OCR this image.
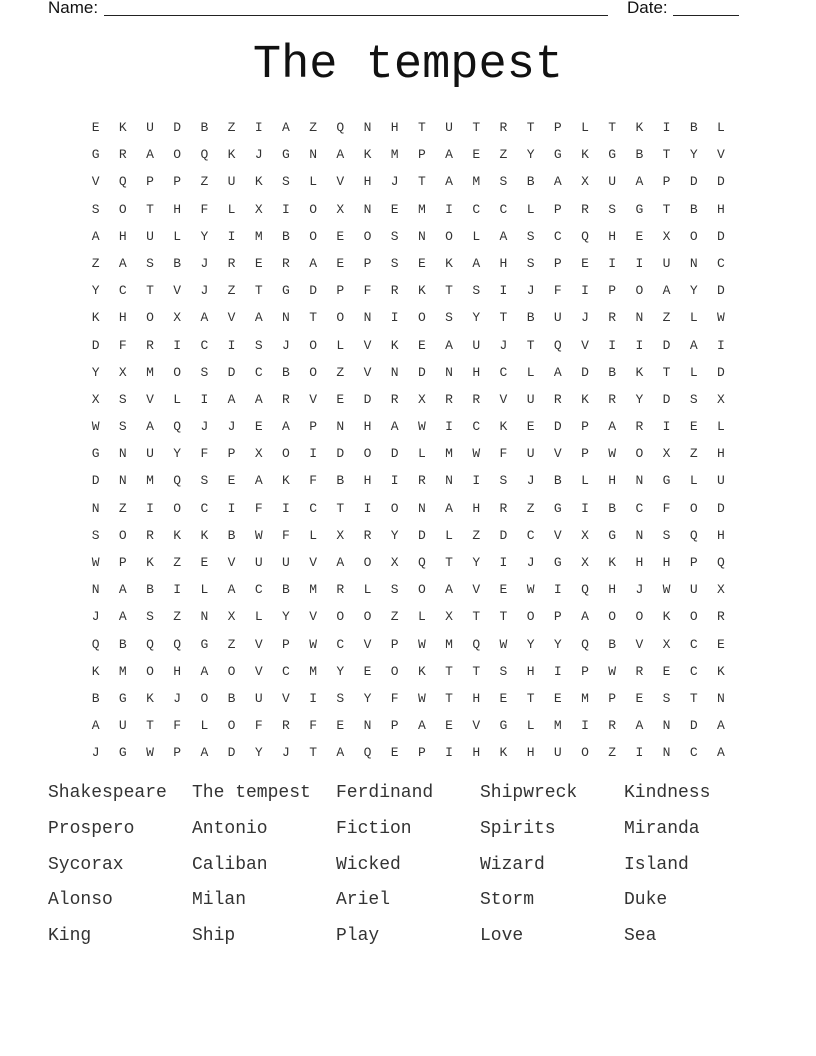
Name:	Date:
The tempest
E	K	U	D	B	Z	I	A	Z	Q	N	H	T	U	T	R	T	P	L	T	K	I	B	L
G	R	A	O	Q	K	J	G	N	A	K	M	P	A	E	Z	Y	G	K	G	B	T	Y	V
V	Q	P	P	Z	U	K	S	L	V	H	J	T	A	M	S	B	A	X	U	A	P	D	D
S	O	T	H	F	L	X	I	O	X	N	E	M	I	C	C	L	P	R	S	G	T	B	H
A	H	U	L	Y	I	M	B	O	E	O	S	N	O	L	A	S	C	Q	H	E	X	O	D
Z	A	S	B	J	R	E	R	A	E	P	S	E	K	A	H	S	P	E	I	I	U	N	C
Y	C	T	V	J	Z	T	G	D	P	F	R	K	T	S	I	J	F	I	P	O	A	Y	D
K	H	O	X	A	V	A	N	T	O	N	I	O	S	Y	T	B	U	J	R	N	Z	L	W
D	F	R	I	C	I	S	J	O	L	V	K	E	A	U	J	T	Q	V	I	I	D	A	I
Y	X	M	O	S	D	C	B	O	Z	V	N	D	N	H	C	L	A	D	B	K	T	L	D
X	S	V	L	I	A	A	R	V	E	D	R	X	R	R	V	U	R	K	R	Y	D	S	X
W	S	A	Q	J	J	E	A	P	N	H	A	W	I	C	K	E	D	P	A	R	I	E	L
G	N	U	Y	F	P	X	O	I	D	O	D	L	M	W	F	U	V	P	W	O	X	Z	H
D	N	M	Q	S	E	A	K	F	B	H	I	R	N	I	S	J	B	L	H	N	G	L	U
N	Z	I	O	C	I	F	I	C	T	I	O	N	A	H	R	Z	G	I	B	C	F	O	D
S	O	R	K	K	B	W	F	L	X	R	Y	D	L	Z	D	C	V	X	G	N	S	Q	H
W	P	K	Z	E	V	U	U	V	A	O	X	Q	T	Y	I	J	G	X	K	H	H	P	Q
N	A	B	I	L	A	C	B	M	R	L	S	O	A	V	E	W	I	Q	H	J	W	U	X
J	A	S	Z	N	X	L	Y	V	O	O	Z	L	X	T	T	O	P	A	O	O	K	O	R
Q	B	Q	Q	G	Z	V	P	W	C	V	P	W	M	Q	W	Y	Y	Q	B	V	X	C	E
K	M	O	H	A	O	V	C	M	Y	E	O	K	T	T	S	H	I	P	W	R	E	C	K
B	G	K	J	O	B	U	V	I	S	Y	F	W	T	H	E	T	E	M	P	E	S	T	N
A	U	T	F	L	O	F	R	F	E	N	P	A	E	V	G	L	M	I	R	A	N	D	A
J	G	W	P	A	D	Y	J	T	A	Q	E	P	I	H	K	H	U	O	Z	I	N	C	A
Shakespeare	The tempest	Ferdinand	Shipwreck	Kindness
Prospero	Antonio	Fiction	Spirits	Miranda
Sycorax	Caliban	Wicked	Wizard	Island
Alonso	Milan	Ariel	Storm	Duke
King	Ship	Play	Love	Sea
